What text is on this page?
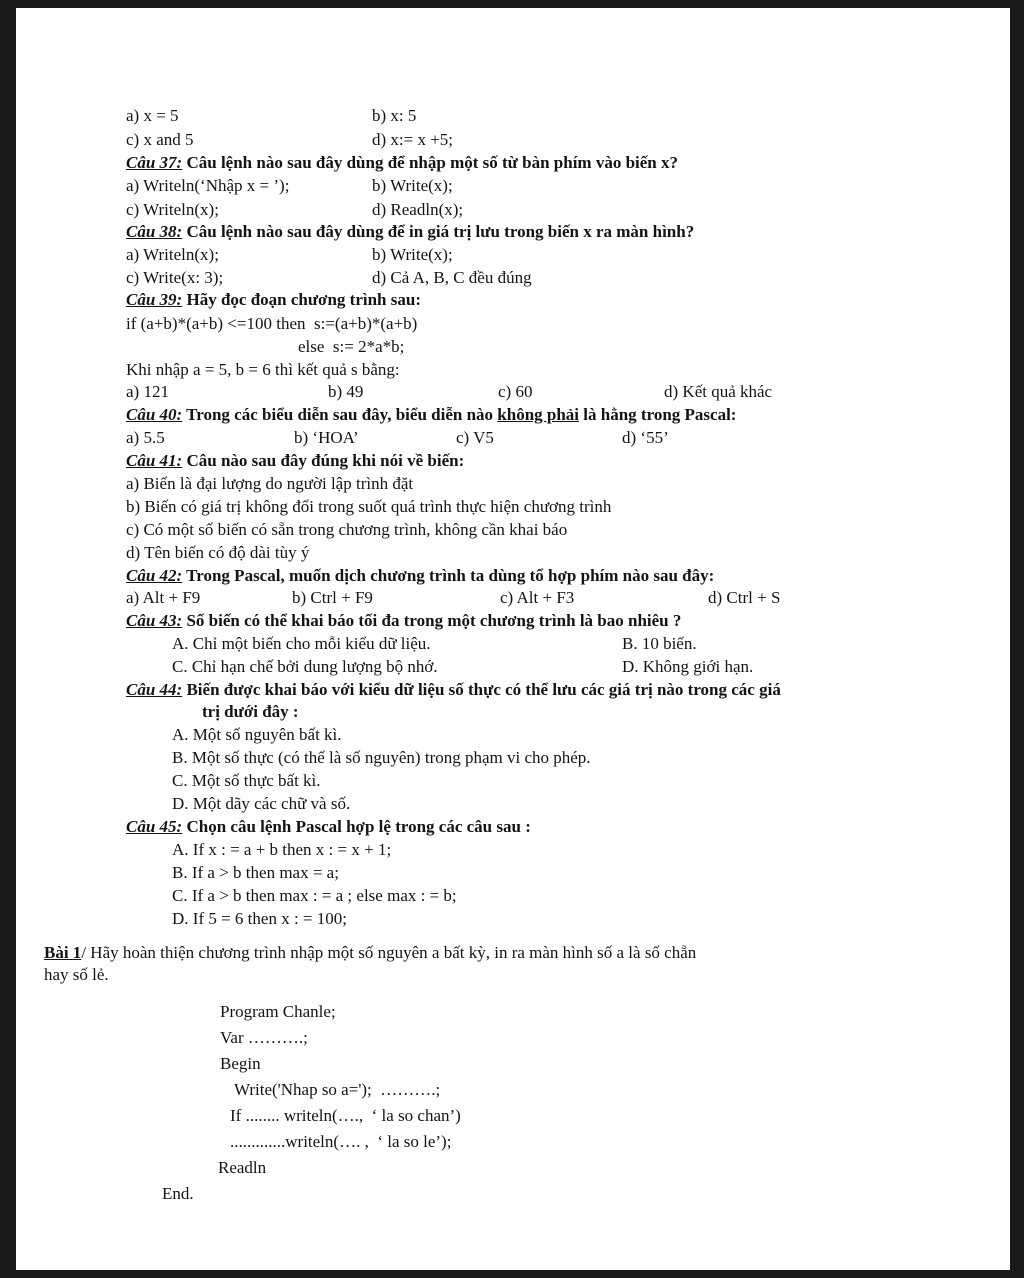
a) x = 5	b) x: 5
c) x and 5	d) x:= x +5;
Câu 37: Câu lệnh nào sau đây dùng để nhập một số từ bàn phím vào biến x?
a) Writeln(‘Nhập x = ’);	b) Write(x);
c) Writeln(x);	d) Readln(x);
Câu 38: Câu lệnh nào sau đây dùng để in giá trị lưu trong biến x ra màn hình?
a) Writeln(x);	b) Write(x);
c) Write(x: 3);	d) Cả A, B, C đều đúng
Câu 39: Hãy đọc đoạn chương trình sau:
if (a+b)*(a+b) <=100 then  s:=(a+b)*(a+b)
else  s:= 2*a*b;
Khi nhập a = 5, b = 6 thì kết quả s bằng:
a) 121	b) 49	c) 60	d) Kết quả khác
Câu 40: Trong các biểu diễn sau đây, biểu diễn nào không phải là hằng trong Pascal:
a) 5.5	b) ‘HOA’	c) V5	d) ‘55’
Câu 41: Câu nào sau đây đúng khi nói về biến:
a) Biến là đại lượng do người lập trình đặt
b) Biến có giá trị không đổi trong suốt quá trình thực hiện chương trình
c) Có một số biến có sẵn trong chương trình, không cần khai báo
d) Tên biến có độ dài tùy ý
Câu 42: Trong Pascal, muốn dịch chương trình ta dùng tổ hợp phím nào sau đây:
a) Alt + F9	b) Ctrl + F9	c) Alt + F3	d) Ctrl + S
Câu 43: Số biến có thể khai báo tối đa trong một chương trình là bao nhiêu ?
A. Chỉ một biến cho mỗi kiểu dữ liệu.	B. 10 biến.
C. Chỉ hạn chế bởi dung lượng bộ nhớ.	D. Không giới hạn.
Câu 44: Biến được khai báo với kiểu dữ liệu số thực có thể lưu các giá trị nào trong các giá
trị dưới đây :
A. Một số nguyên bất kì.
B. Một số thực (có thể là số nguyên) trong phạm vi cho phép.
C. Một số thực bất kì.
D. Một dãy các chữ và số.
Câu 45: Chọn câu lệnh Pascal hợp lệ trong các câu sau :
A. If x : = a + b then x : = x + 1;
B. If a > b then max = a;
C. If a > b then max : = a ; else max : = b;
D. If 5 = 6 then x : = 100;
Bài 1/ Hãy hoàn thiện chương trình nhập một số nguyên a bất kỳ, in ra màn hình số a là số chẵn
hay số lẻ.
Program Chanle;
Var ……….;
Begin
Write('Nhap so a=');  ……….;
If ........ writeln(….,  ‘ la so chan’)
.............writeln(…. ,  ‘ la so le’);
Readln
End.
